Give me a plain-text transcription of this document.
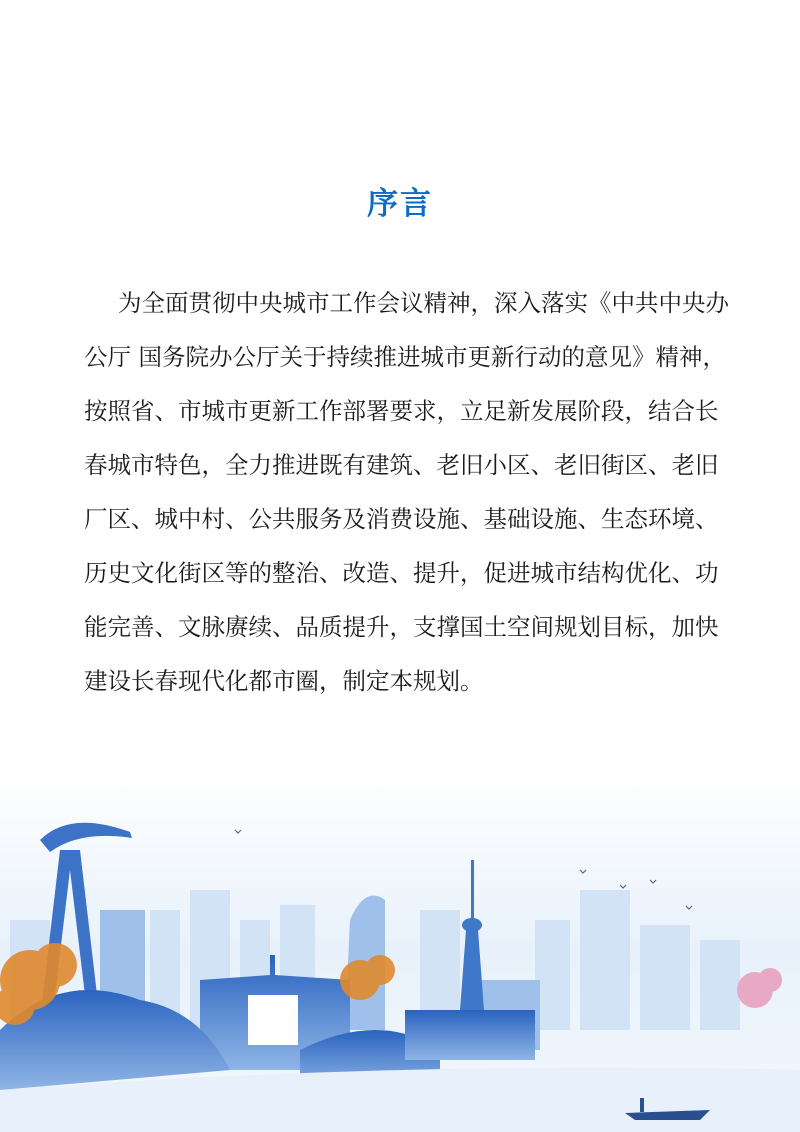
序言
为全面贯彻中央城市工作会议精神，深入落实《中共中央办
公厅 国务院办公厅关于持续推进城市更新行动的意见》精神，
按照省、市城市更新工作部署要求，立足新发展阶段，结合长
春城市特色，全力推进既有建筑、老旧小区、老旧街区、老旧
厂区、城中村、公共服务及消费设施、基础设施、生态环境、
历史文化街区等的整治、改造、提升，促进城市结构优化、功
能完善、文脉赓续、品质提升，支撑国土空间规划目标，加快
建设长春现代化都市圈，制定本规划。
